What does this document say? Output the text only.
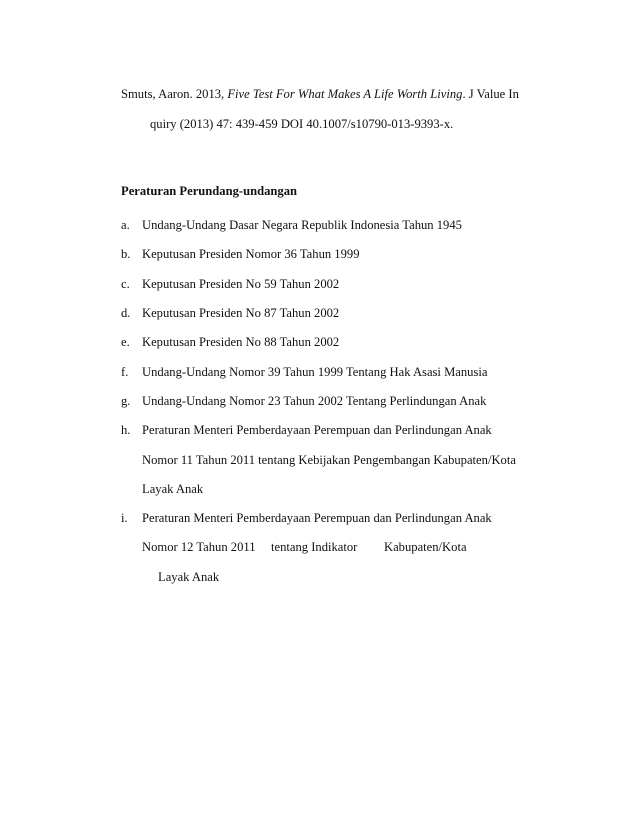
Smuts, Aaron. 2013, Five Test For What Makes A Life Worth Living. J Value In
quiry (2013) 47: 439-459 DOI 40.1007/s10790-013-9393-x.
Peraturan Perundang-undangan
a. Undang-Undang Dasar Negara Republik Indonesia Tahun 1945
b. Keputusan Presiden Nomor 36 Tahun 1999
c. Keputusan Presiden No 59 Tahun 2002
d. Keputusan Presiden No 87 Tahun 2002
e. Keputusan Presiden No 88 Tahun 2002
f. Undang-Undang Nomor 39 Tahun 1999 Tentang Hak Asasi Manusia
g. Undang-Undang Nomor 23 Tahun 2002 Tentang Perlindungan Anak
h. Peraturan Menteri Pemberdayaan Perempuan dan Perlindungan Anak
Nomor 11 Tahun 2011 tentang Kebijakan Pengembangan Kabupaten/Kota
Layak Anak
i. Peraturan Menteri Pemberdayaan Perempuan dan Perlindungan Anak
Nomor 12 Tahun 2011 tentang Indikator Kabupaten/Kota
Layak Anak
